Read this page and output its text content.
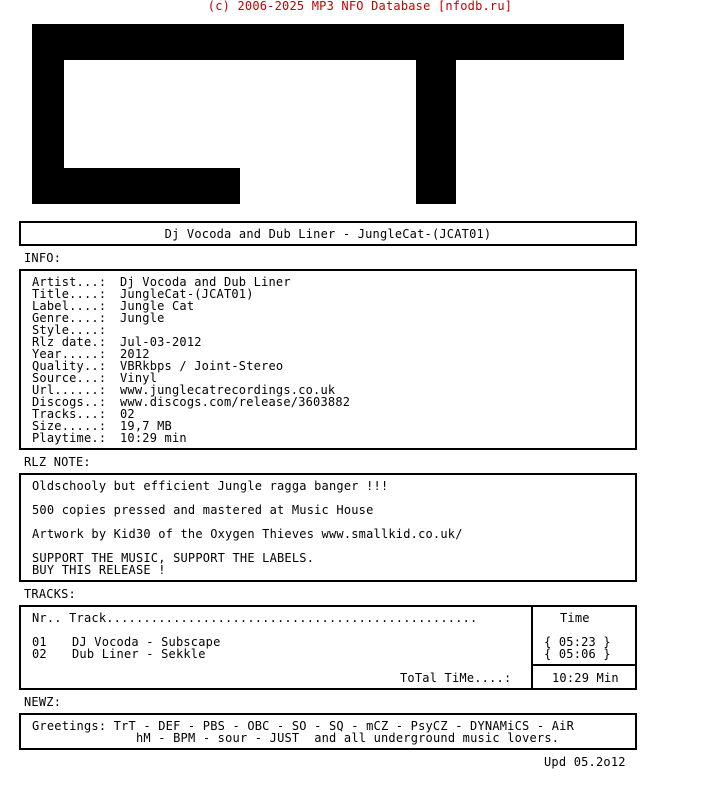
(c) 2006-2025 MP3 NFO Database [nfodb.ru]
Dj Vocoda and Dub Liner - JungleCat-(JCAT01)
INFO:
Artist...: Dj Vocoda and Dub Liner
Title....: JungleCat-(JCAT01)
Label....: Jungle Cat
Genre....: Jungle
Style....:
Rlz date.: Jul-03-2012
Year.....: 2012
Quality..: VBRkbps / Joint-Stereo
Source...: Vinyl
Url......: www.junglecatrecordings.co.uk
Discogs..: www.discogs.com/release/3603882
Tracks...: 02
Size.....: 19,7 MB
Playtime.: 10:29 min
RLZ NOTE:
Oldschooly but efficient Jungle ragga banger !!!
500 copies pressed and mastered at Music House
Artwork by Kid30 of the Oxygen Thieves www.smallkid.co.uk/
SUPPORT THE MUSIC, SUPPORT THE LABELS.
BUY THIS RELEASE !
TRACKS:
Nr.. Track..................................................	Time
01 DJ Vocoda - Subscape	{ 05:23 }
02 Dub Liner - Sekkle	{ 05:06 }
ToTal TiMe....:	10:29 Min
NEWZ:
Greetings: TrT - DEF - PBS - OBC - SO - SQ - mCZ - PsyCZ - DYNAMiCS - AiR
hM - BPM - sour - JUST  and all underground music lovers.
Upd 05.2o12
